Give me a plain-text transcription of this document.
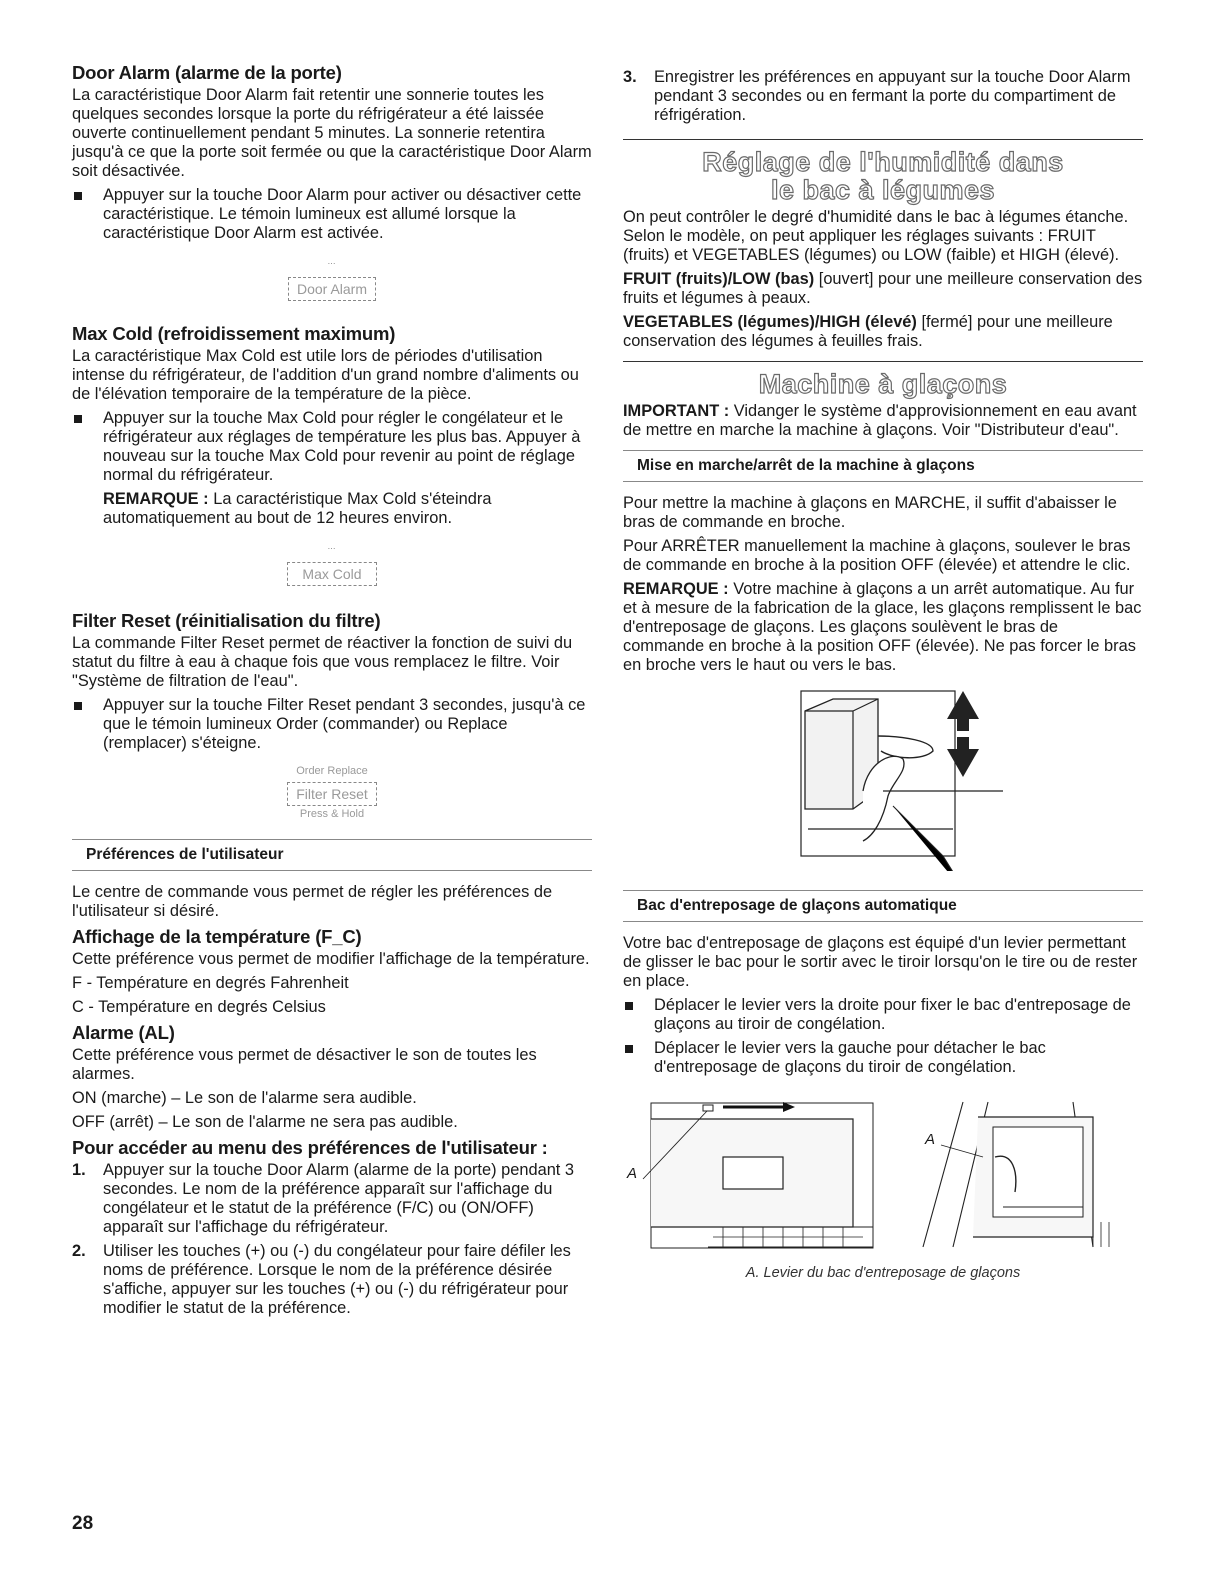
Door Alarm (alarme de la porte)

La caractéristique Door Alarm fait retentir une sonnerie toutes les quelques secondes lorsque la porte du réfrigérateur a été laissée ouverte continuellement pendant 5 minutes. La sonnerie retentira jusqu'à ce que la porte soit fermée ou que la caractéristique Door Alarm soit désactivée.

Appuyer sur la touche Door Alarm pour activer ou désactiver cette caractéristique. Le témoin lumineux est allumé lorsque la caractéristique Door Alarm est activée.
⋯
Door Alarm
Max Cold (refroidissement maximum)

La caractéristique Max Cold est utile lors de périodes d'utilisation intense du réfrigérateur, de l'addition d'un grand nombre d'aliments ou de l'élévation temporaire de la température de la pièce.

Appuyer sur la touche Max Cold pour régler le congélateur et le réfrigérateur aux réglages de température les plus bas. Appuyer à nouveau sur la touche Max Cold pour revenir au point de réglage normal du réfrigérateur.
REMARQUE : La caractéristique Max Cold s'éteindra automatiquement au bout de 12 heures environ.
⋯
Max Cold
Filter Reset (réinitialisation du filtre)

La commande Filter Reset permet de réactiver la fonction de suivi du statut du filtre à eau à chaque fois que vous remplacez le filtre. Voir "Système de filtration de l'eau".

Appuyer sur la touche Filter Reset pendant 3 secondes, jusqu'à ce que le témoin lumineux Order (commander) ou Replace (remplacer) s'éteigne.
Order Replace
Filter Reset
Press & Hold
Préférences de l'utilisateur

Le centre de commande vous permet de régler les préférences de l'utilisateur si désiré.

Affichage de la température (F_C)

Cette préférence vous permet de modifier l'affichage de la température.

F - Température en degrés Fahrenheit

C - Température en degrés Celsius

Alarme (AL)

Cette préférence vous permet de désactiver le son de toutes les alarmes.

ON (marche) – Le son de l'alarme sera audible.

OFF (arrêt) – Le son de l'alarme ne sera pas audible.

Pour accéder au menu des préférences de l'utilisateur :
1. Appuyer sur la touche Door Alarm (alarme de la porte) pendant 3 secondes. Le nom de la préférence apparaît sur l'affichage du congélateur et le statut de la préférence (F/C) ou (ON/OFF) apparaît sur l'affichage du réfrigérateur.
2. Utiliser les touches (+) ou (-) du congélateur pour faire défiler les noms de préférence. Lorsque le nom de la préférence désirée s'affiche, appuyer sur les touches (+) ou (-) du réfrigérateur pour modifier le statut de la préférence.
3. Enregistrer les préférences en appuyant sur la touche Door Alarm pendant 3 secondes ou en fermant la porte du compartiment de réfrigération.
Réglage de l'humidité dans
le bac à légumes

On peut contrôler le degré d'humidité dans le bac à légumes étanche. Selon le modèle, on peut appliquer les réglages suivants : FRUIT (fruits) et VEGETABLES (légumes) ou LOW (faible) et HIGH (élevé).

FRUIT (fruits)/LOW (bas) [ouvert] pour une meilleure conservation des fruits et légumes à peaux.

VEGETABLES (légumes)/HIGH (élevé) [fermé] pour une meilleure conservation des légumes à feuilles frais.

Machine à glaçons

IMPORTANT : Vidanger le système d'approvisionnement en eau avant de mettre en marche la machine à glaçons. Voir "Distributeur d'eau".

Mise en marche/arrêt de la machine à glaçons

Pour mettre la machine à glaçons en MARCHE, il suffit d'abaisser le bras de commande en broche.

Pour ARRÊTER manuellement la machine à glaçons, soulever le bras de commande en broche à la position OFF (élevée) et attendre le clic.

REMARQUE : Votre machine à glaçons a un arrêt automatique. Au fur et à mesure de la fabrication de la glace, les glaçons remplissent le bac d'entreposage de glaçons. Les glaçons soulèvent le bras de commande en broche à la position OFF (élevée). Ne pas forcer le bras en broche vers le haut ou vers le bas.

Bac d'entreposage de glaçons automatique

Votre bac d'entreposage de glaçons est équipé d'un levier permettant de glisser le bac pour le sortir avec le tiroir lorsqu'on le tire ou de rester en place.

Déplacer le levier vers la droite pour fixer le bac d'entreposage de glaçons au tiroir de congélation.
Déplacer le levier vers la gauche pour détacher le bac d'entreposage de glaçons du tiroir de congélation.
A
A
A. Levier du bac d'entreposage de glaçons
28
